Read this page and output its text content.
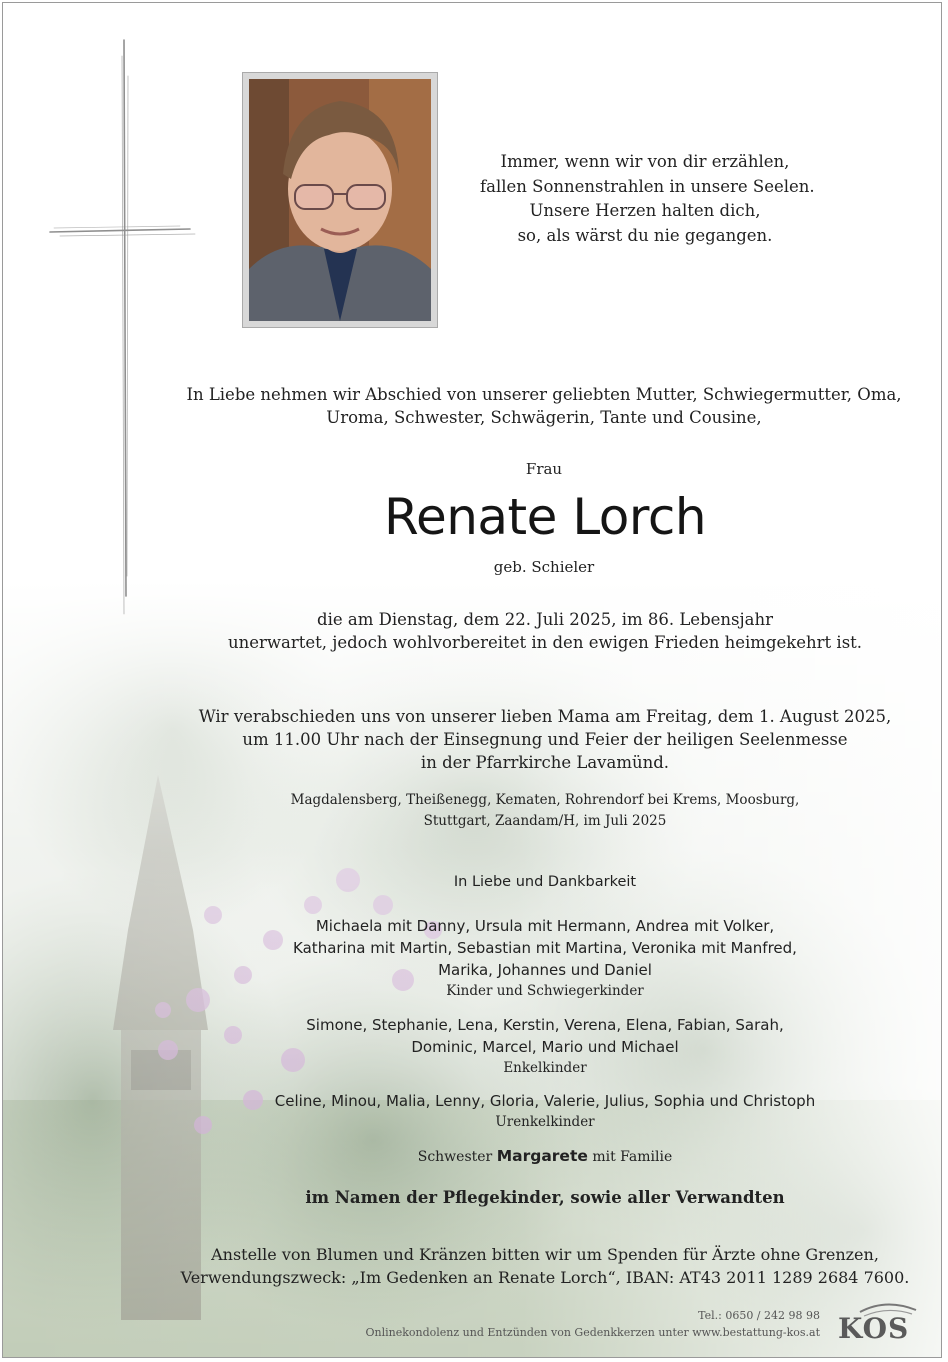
Immer, wenn wir von dir erzählen,
fallen Sonnenstrahlen in unsere Seelen.
Unsere Herzen halten dich,
so, als wärst du nie gegangen.
In Liebe nehmen wir Abschied von unserer geliebten Mutter, Schwiegermutter, Oma,
Uroma, Schwester, Schwägerin, Tante und Cousine,
Frau
Renate Lorch
geb. Schieler
die am Dienstag, dem 22. Juli 2025, im 86. Lebensjahr
unerwartet, jedoch wohlvorbereitet in den ewigen Frieden heimgekehrt ist.
Wir verabschieden uns von unserer lieben Mama am Freitag, dem 1. August 2025,
um 11.00 Uhr nach der Einsegnung und Feier der heiligen Seelenmesse
in der Pfarrkirche Lavamünd.
Magdalensberg, Theißenegg, Kematen, Rohrendorf bei Krems, Moosburg,
Stuttgart, Zaandam/H, im Juli 2025
In Liebe und Dankbarkeit
Michaela mit Danny, Ursula mit Hermann, Andrea mit Volker,
Katharina mit Martin, Sebastian mit Martina, Veronika mit Manfred,
Marika, Johannes und Daniel
Kinder und Schwiegerkinder
Simone, Stephanie, Lena, Kerstin, Verena, Elena, Fabian, Sarah,
Dominic, Marcel, Mario und Michael
Enkelkinder
Celine, Minou, Malia, Lenny, Gloria, Valerie, Julius, Sophia und Christoph
Urenkelkinder
Schwester Margarete mit Familie
im Namen der Pflegekinder, sowie aller Verwandten
Anstelle von Blumen und Kränzen bitten wir um Spenden für Ärzte ohne Grenzen,
Verwendungszweck: „Im Gedenken an Renate Lorch“, IBAN: AT43 2011 1289 2684 7600.
Tel.: 0650 / 242 98 98
Onlinekondolenz und Entzünden von Gedenkkerzen unter www.bestattung-kos.at KOS
